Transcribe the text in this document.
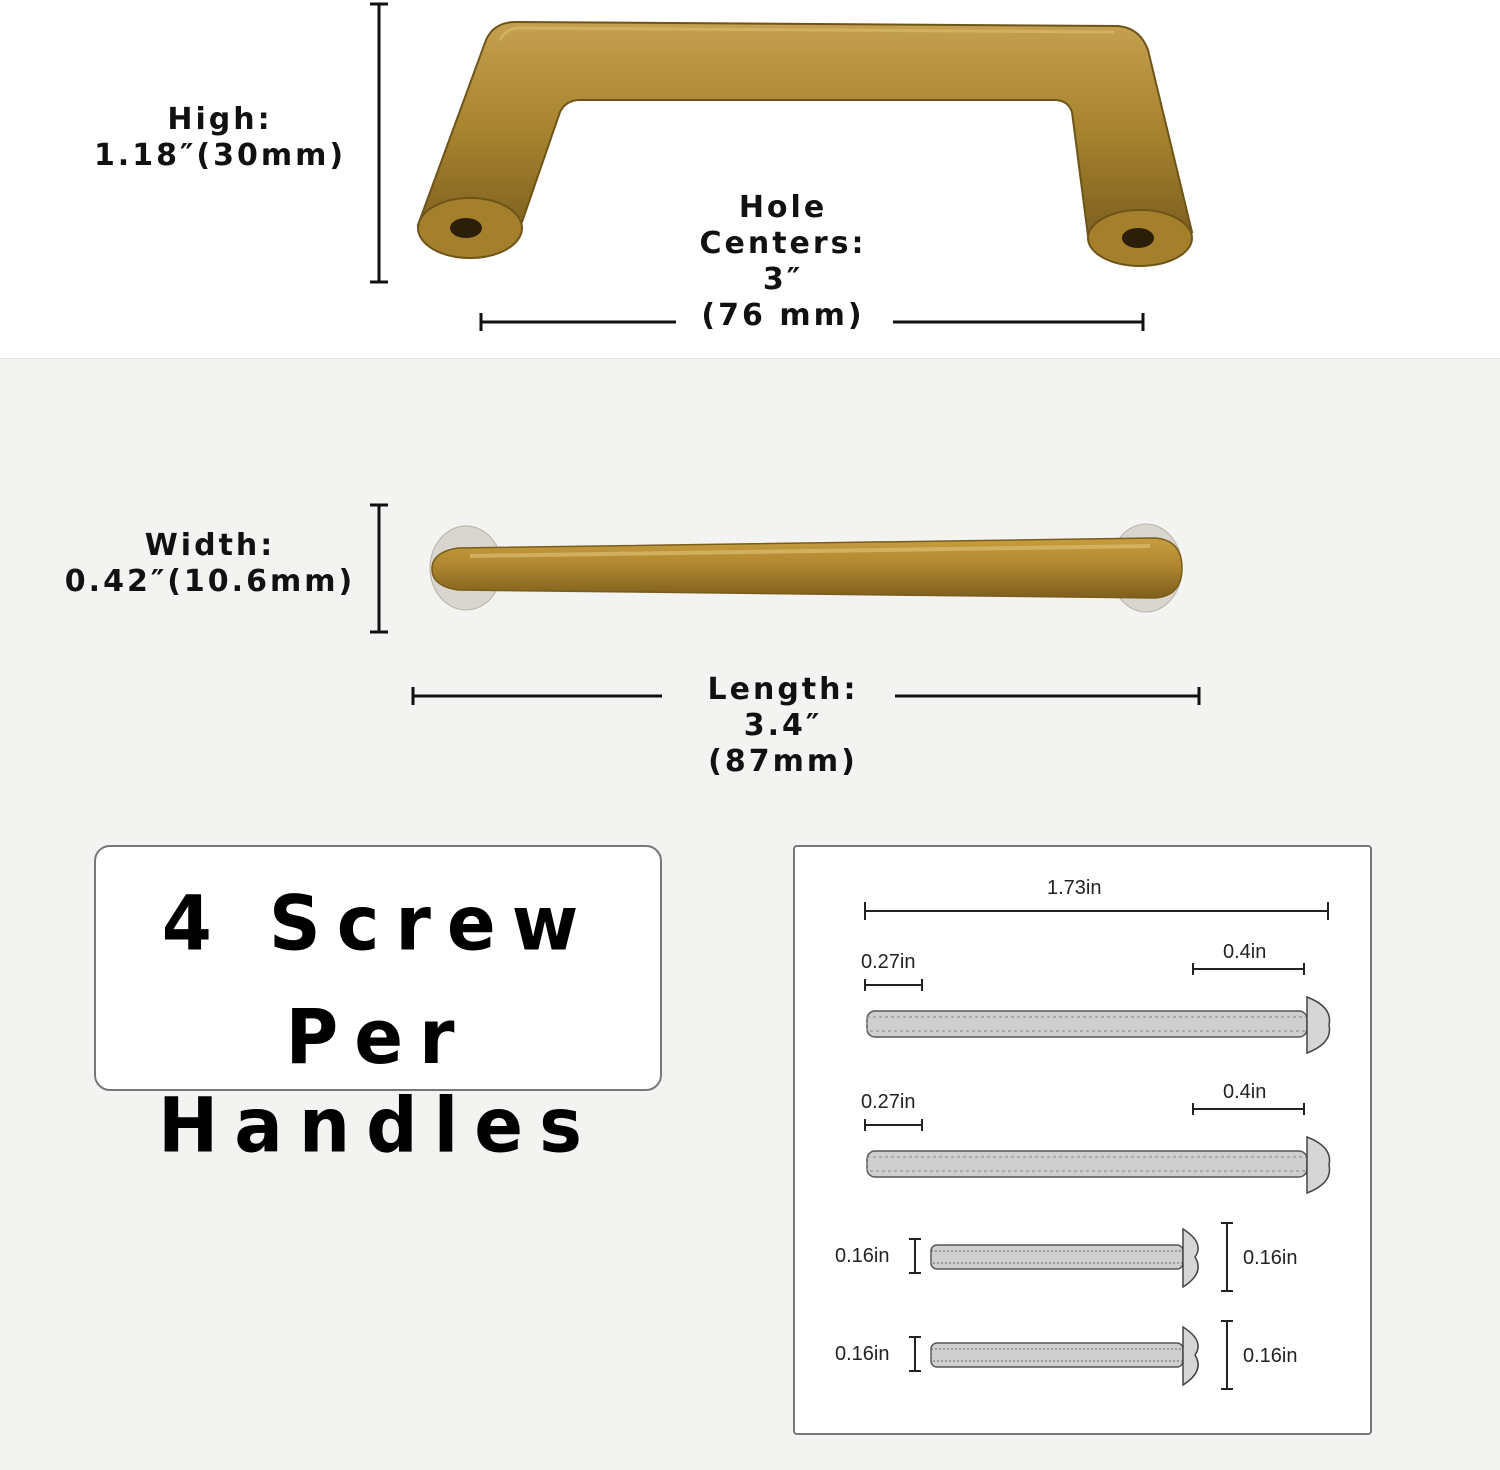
High:
1.18″(30mm)
Hole
Centers:
3″
(76 mm)
Width:
0.42″(10.6mm)
Length:
3.4″
(87mm)
4 Screw
Per Handles
1.73in
0.27in	0.4in
0.27in	0.4in
0.16in	0.16in
0.16in	0.16in
